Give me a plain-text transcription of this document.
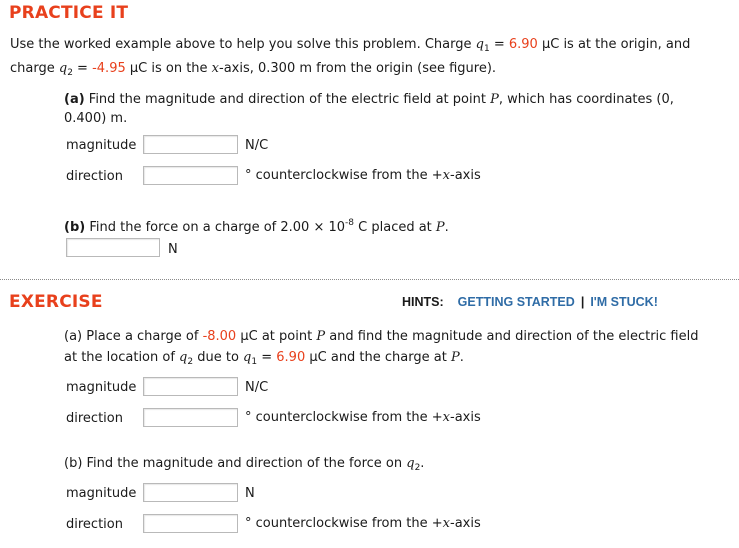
PRACTICE IT
Use the worked example above to help you solve this problem. Charge $q_1 = 6.90$ μC is at the origin, and
charge $q_2 = -4.95$ μC is on the x-axis, 0.300 m from the origin (see figure).
(a) Find the magnitude and direction of the electric field at point P, which has coordinates (0,
0.400) m.
magnitude	N/C
direction	° counterclockwise from the +x-axis
(b) Find the force on a charge of $2.00 \times 10^{-8}$ C placed at P.
N
EXERCISE	HINTS: GETTING STARTED | I'M STUCK!
(a) Place a charge of -8.00 μC at point P and find the magnitude and direction of the electric field
at the location of $q_2$ due to $q_1 = 6.90$ μC and the charge at P.
magnitude	N/C
direction	° counterclockwise from the +x-axis
(b) Find the magnitude and direction of the force on $q_2$.
magnitude	N
direction	° counterclockwise from the +x-axis
